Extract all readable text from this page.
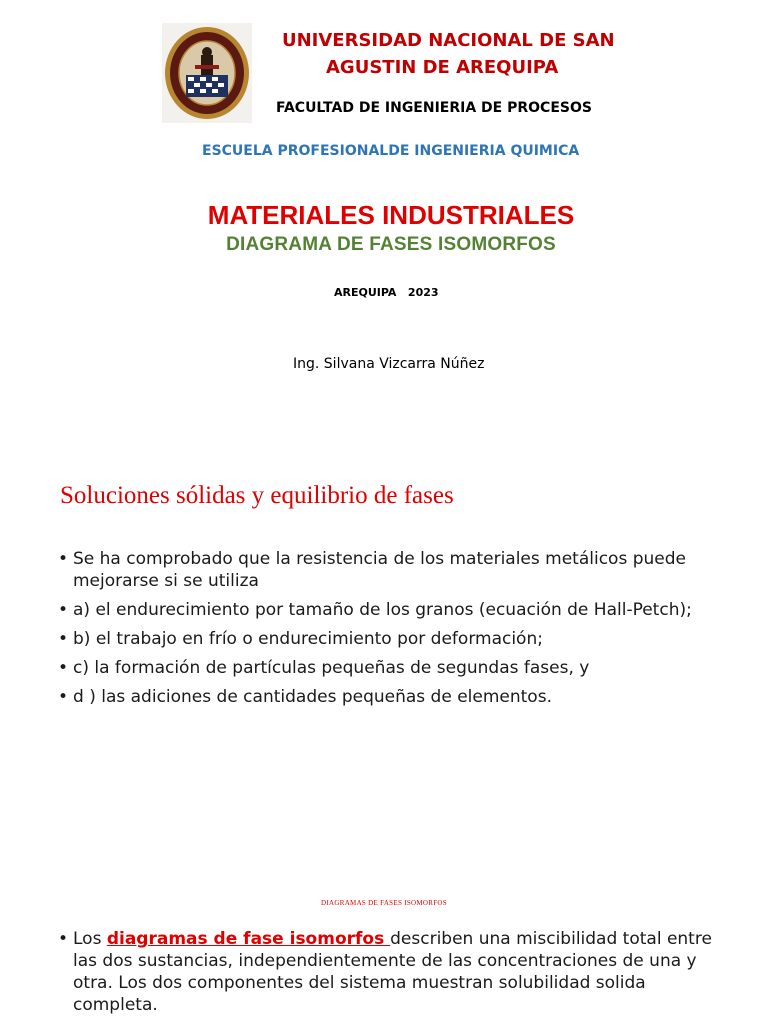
UNIVERSIDAD NACIONAL DE SAN
AGUSTIN DE AREQUIPA
FACULTAD DE INGENIERIA DE PROCESOS
ESCUELA PROFESIONALDE INGENIERIA QUIMICA
MATERIALES INDUSTRIALES
DIAGRAMA DE FASES ISOMORFOS
AREQUIPA   2023
Ing. Silvana Vizcarra Núñez
Soluciones sólidas y equilibrio de fases
• Se ha comprobado que la resistencia de los materiales metálicos puede mejorarse si se utiliza
• a) el endurecimiento por tamaño de los granos (ecuación de Hall-Petch);
• b) el trabajo en frío o endurecimiento por deformación;
• c) la formación de partículas pequeñas de segundas fases, y
• d ) las adiciones de cantidades pequeñas de elementos.
DIAGRAMAS DE FASES ISOMORFOS
• Los diagramas de fase isomorfos describen una miscibilidad total entre las dos sustancias, independientemente de las concentraciones de una y otra. Los dos componentes del sistema muestran solubilidad solida completa.
